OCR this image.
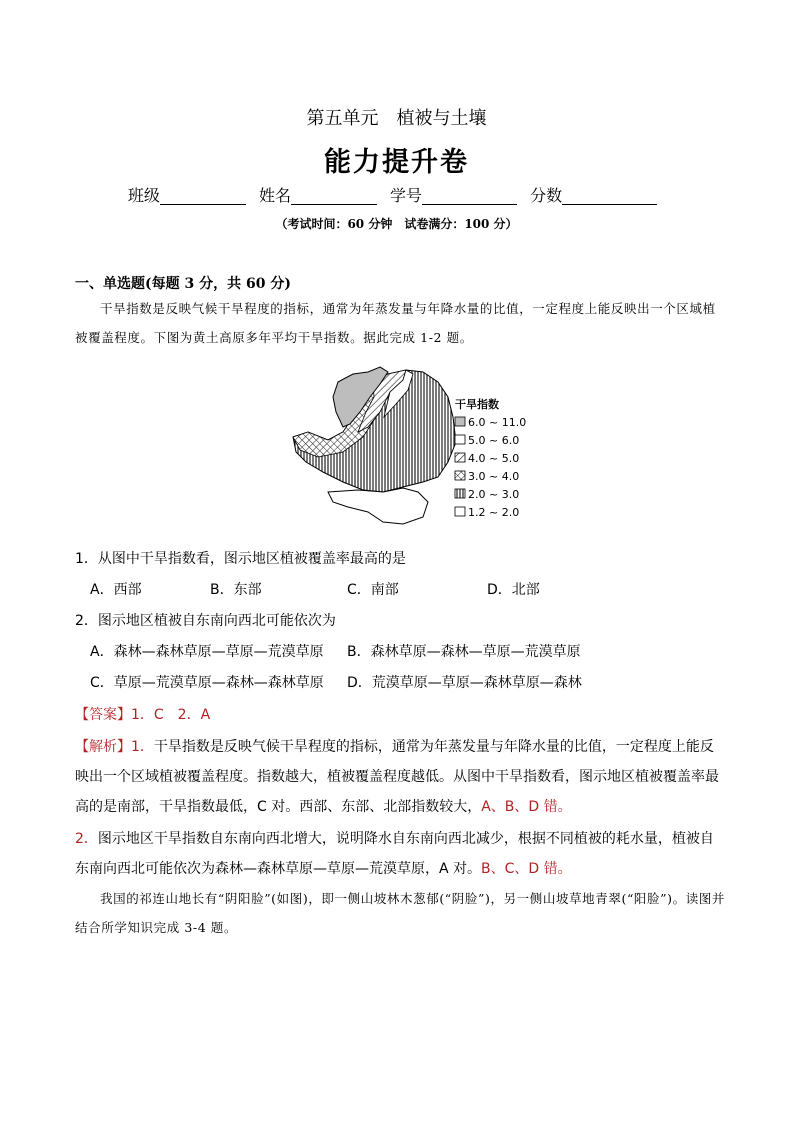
第五单元　植被与土壤
能力提升卷
班级	姓名	学号	分数
（考试时间：60 分钟　试卷满分：100 分）
一、单选题(每题 3 分，共 60 分)
干旱指数是反映气候干旱程度的指标，通常为年蒸发量与年降水量的比值，一定程度上能反映出一个区域植被覆盖程度。下图为黄土高原多年平均干旱指数。据此完成 1-2 题。
干旱指数
6.0 ~ 11.0
5.0 ~ 6.0
4.0 ~ 5.0
3.0 ~ 4.0
2.0 ~ 3.0
1.2 ~ 2.0
1．从图中干旱指数看，图示地区植被覆盖率最高的是
A．西部	B．东部	C．南部	D．北部
2．图示地区植被自东南向西北可能依次为
A．森林—森林草原—草原—荒漠草原 B．森林草原—森林—草原—荒漠草原
C．草原—荒漠草原—森林—森林草原 D．荒漠草原—草原—森林草原—森林
【答案】1．C　2．A
【解析】1．干旱指数是反映气候干旱程度的指标，通常为年蒸发量与年降水量的比值，一定程度上能反映出一个区域植被覆盖程度。指数越大，植被覆盖程度越低。从图中干旱指数看，图示地区植被覆盖率最高的是南部，干旱指数最低，C 对。西部、东部、北部指数较大，A、B、D 错。
2．图示地区干旱指数自东南向西北增大，说明降水自东南向西北减少，根据不同植被的耗水量，植被自东南向西北可能依次为森林—森林草原—草原—荒漠草原，A 对。B、C、D 错。
我国的祁连山地长有“阴阳脸”(如图)，即一侧山坡林木葱郁(“阴脸”)，另一侧山坡草地青翠(“阳脸”)。读图并结合所学知识完成 3-4 题。
